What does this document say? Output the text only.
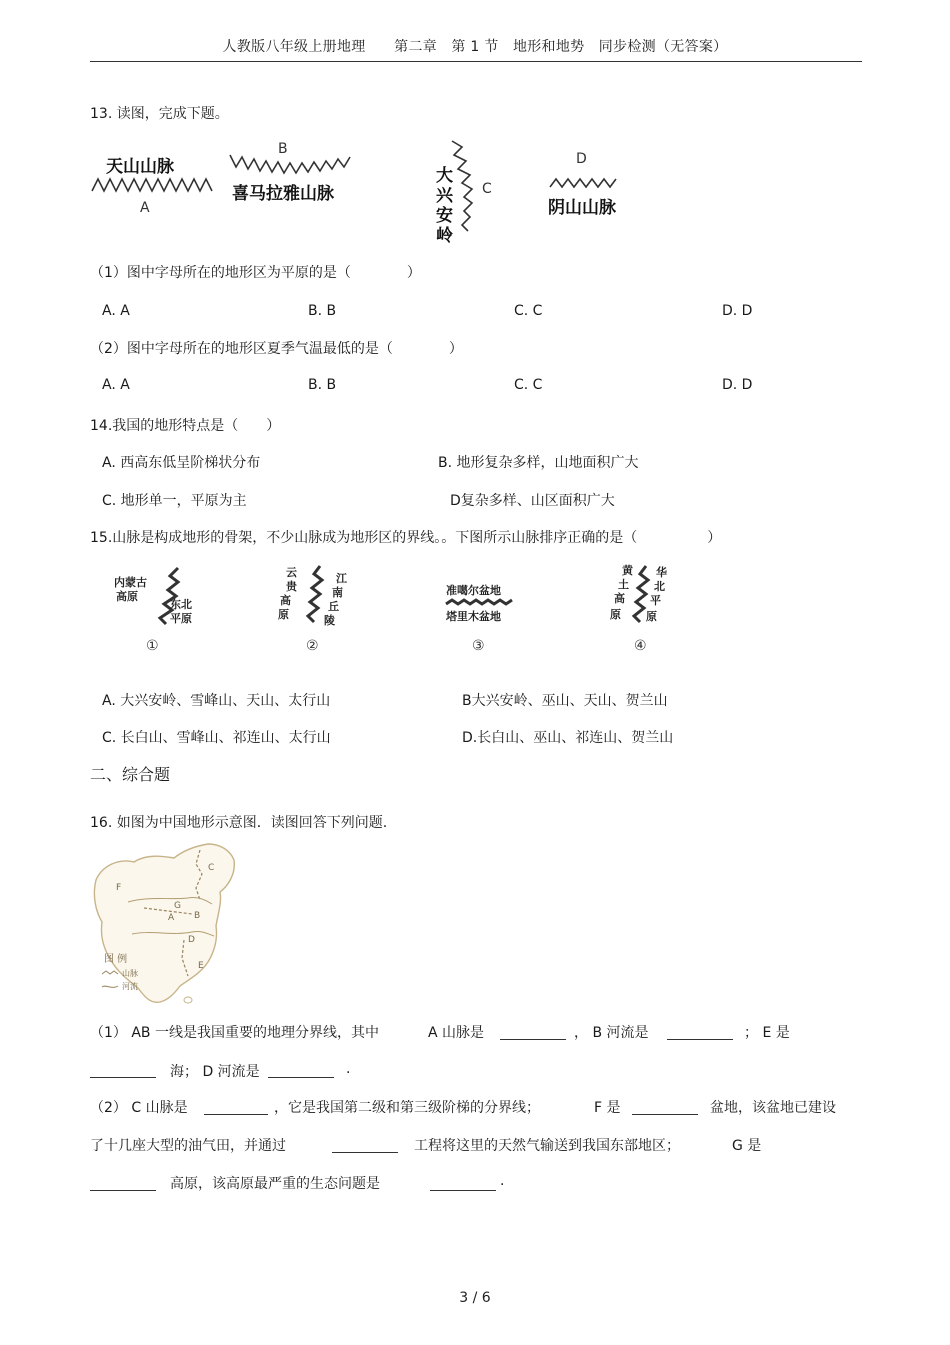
人教版八年级上册地理　　第二章　第 1 节　地形和地势　同步检测（无答案）
13. 读图，完成下题。
天山山脉
A
B
喜马拉雅山脉
大
兴
安
岭
C
D
阴山山脉
（1）图中字母所在的地形区为平原的是（　　　　）
A. A	B. B	C. C	D. D
（2）图中字母所在的地形区夏季气温最低的是（　　　　）
A. A	B. B	C. C	D. D
14.我国的地形特点是（　　）
A. 西高东低呈阶梯状分布	B. 地形复杂多样，山地面积广大
C. 地形单一，平原为主	D复杂多样、山区面积广大
15.山脉是构成地形的骨架，不少山脉成为地形区的界线。。下图所示山脉排序正确的是（　　　　　）
内蒙古
高原
东北
平原
①
云
贵
高
原
江
南
丘
陵
②
准噶尔盆地
塔里木盆地
③
黄
土
高
原
华
北
平
原
④
A. 大兴安岭、雪峰山、天山、太行山	B大兴安岭、巫山、天山、贺兰山
C. 长白山、雪峰山、祁连山、太行山	D.长白山、巫山、祁连山、贺兰山
二、综合题
16. 如图为中国地形示意图．读图回答下列问题.
F
G
A B
C
D
E
图 例
山脉
河流
（1） AB 一线是我国重要的地理分界线，其中	A 山脉是	， B 河流是	； E 是
海； D 河流是	.
（2） C 山脉是	，它是我国第二级和第三级阶梯的分界线；	F 是	盆地，该盆地已建设
了十几座大型的油气田，并通过	工程将这里的天然气输送到我国东部地区；	G 是
高原，该高原最严重的生态问题是	.
3 / 6
